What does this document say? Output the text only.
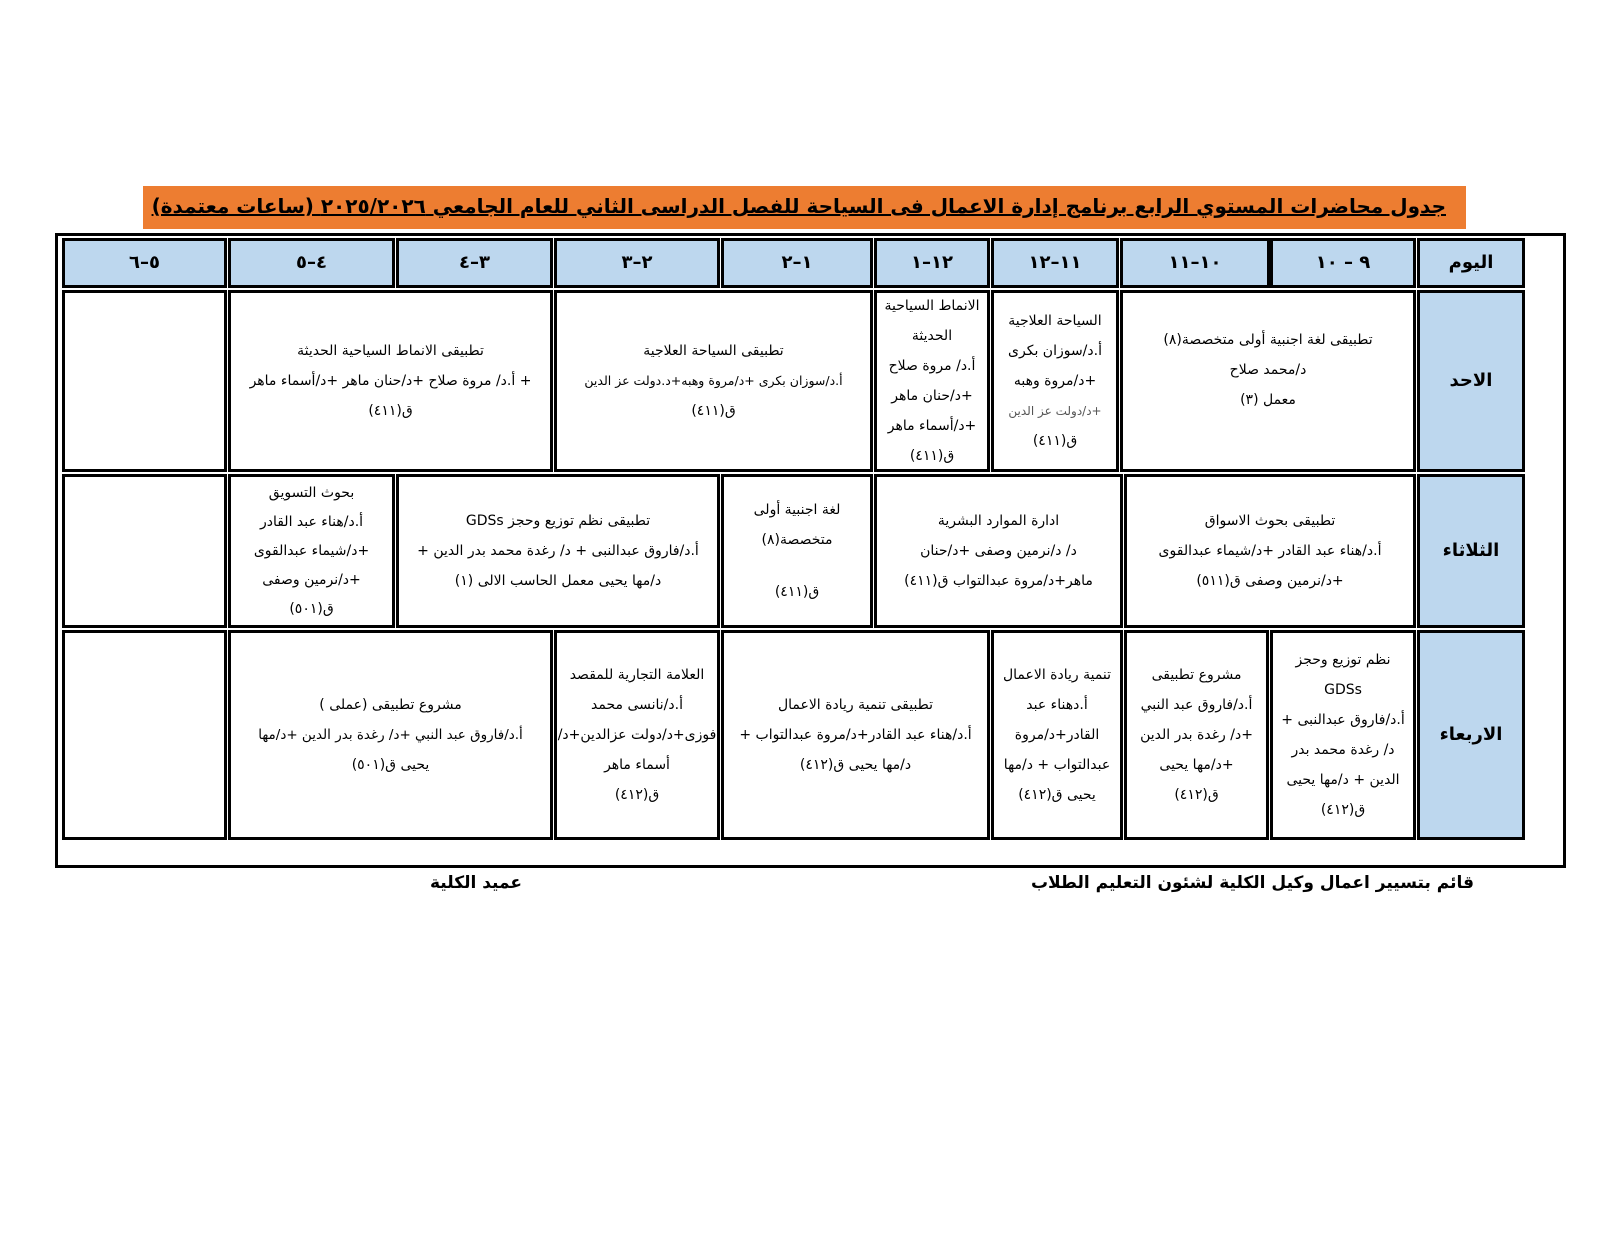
جدول محاضرات المستوي الرابع برنامج إدارة الاعمال فى السياحة للفصل الدراسى الثاني للعام الجامعي ٢٠٢٥/٢٠٢٦ (ساعات معتمدة)
اليوم
٩ – ١٠
١٠–١١
١١–١٢
١٢–١
١–٢
٢–٣
٣–٤
٤–٥
٥–٦
الاحد
تطبيقى لغة اجنبية أولى متخصصة(٨)
د/محمد صلاح
معمل (٣)
السياحة العلاجية
أ.د/سوزان بكرى
+د/مروة وهبه
+د/دولت عز الدين
ق(٤١١)
الانماط السياحية
الحديثة
أ.د/ مروة صلاح
+د/حنان ماهر
+د/أسماء ماهر
ق(٤١١)
تطبيقى السياحة العلاجية
أ.د/سوزان بكرى +د/مروة وهبه+د.دولت عز الدين
ق(٤١١)
تطبيقى الانماط السياحية الحديثة
+ أ.د/ مروة صلاح +د/حنان ماهر +د/أسماء ماهر
ق(٤١١)
الثلاثاء
تطبيقى بحوث الاسواق
أ.د/هناء عبد القادر +د/شيماء عبدالقوى
+د/نرمين وصفى ق(٥١١)
ادارة الموارد البشرية
د/ د/نرمين وصفى +د/حنان
ماهر+د/مروة عبدالتواب ق(٤١١)
لغة اجنبية أولى
متخصصة(٨)
ق(٤١١)
تطبيقى نظم توزيع وحجز GDSs
أ.د/فاروق عبدالنبى + د/ رغدة محمد بدر الدين +
د/مها يحيى معمل الحاسب الالى (١)
بحوث التسويق
أ.د/هناء عبد القادر
+د/شيماء عبدالقوى
+د/نرمين وصفى
ق(٥٠١)
الاربعاء
نظم توزيع وحجز
GDSs
أ.د/فاروق عبدالنبى +
د/ رغدة محمد بدر
الدين + د/مها يحيى
ق(٤١٢)
مشروع تطبيقى
أ.د/فاروق عبد النبي
+د/ رغدة بدر الدين
+د/مها يحيى
ق(٤١٢)
تنمية ريادة الاعمال
أ.دهناء عبد
القادر+د/مروة
عبدالتواب + د/مها
يحيى ق(٤١٢)
تطبيقى تنمية ريادة الاعمال
أ.د/هناء عبد القادر+د/مروة عبدالتواب +
د/مها يحيى ق(٤١٢)
العلامة التجارية للمقصد
أ.د/نانسى محمد
فوزى+د/دولت عزالدين+د/
أسماء ماهر
ق(٤١٢)
مشروع تطبيقى (عملى )
أ.د/فاروق عبد النبي +د/ رغدة بدر الدين +د/مها
يحيى ق(٥٠١)
قائم بتسيير اعمال وكيل الكلية لشئون التعليم الطلاب
عميد الكلية
